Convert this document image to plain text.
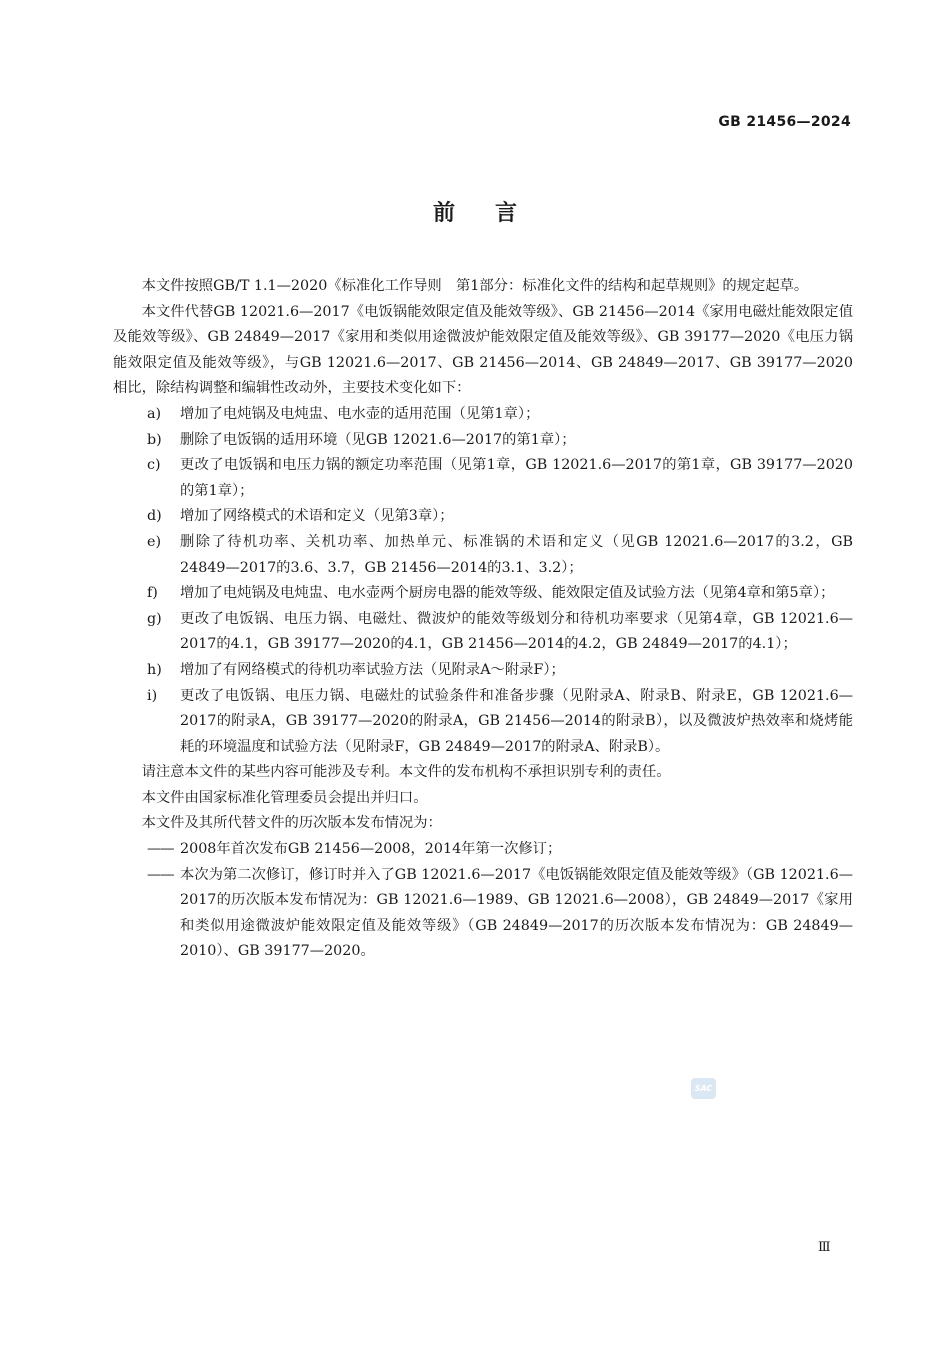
GB 21456—2024
前言

本文件按照GB/T 1.1—2020《标准化工作导则　第1部分：标准化文件的结构和起草规则》的规定起草。

本文件代替GB 12021.6—2017《电饭锅能效限定值及能效等级》、GB 21456—2014《家用电磁灶能效限定值及能效等级》、GB 24849—2017《家用和类似用途微波炉能效限定值及能效等级》、GB 39177—2020《电压力锅能效限定值及能效等级》，与GB 12021.6—2017、GB 21456—2014、GB 24849—2017、GB 39177—2020相比，除结构调整和编辑性改动外，主要技术变化如下：

a) 增加了电炖锅及电炖盅、电水壶的适用范围（见第1章）；
b) 删除了电饭锅的适用环境（见GB 12021.6—2017的第1章）；
c) 更改了电饭锅和电压力锅的额定功率范围（见第1章，GB 12021.6—2017的第1章，GB 39177—2020的第1章）；
d) 增加了网络模式的术语和定义（见第3章）；
e) 删除了待机功率、关机功率、加热单元、标准锅的术语和定义（见GB 12021.6—2017的3.2，GB 24849—2017的3.6、3.7，GB 21456—2014的3.1、3.2）；
f) 增加了电炖锅及电炖盅、电水壶两个厨房电器的能效等级、能效限定值及试验方法（见第4章和第5章）；
g) 更改了电饭锅、电压力锅、电磁灶、微波炉的能效等级划分和待机功率要求（见第4章，GB 12021.6—2017的4.1，GB 39177—2020的4.1，GB 21456—2014的4.2，GB 24849—2017的4.1）；
h) 增加了有网络模式的待机功率试验方法（见附录A～附录F）；
i) 更改了电饭锅、电压力锅、电磁灶的试验条件和准备步骤（见附录A、附录B、附录E，GB 12021.6—2017的附录A，GB 39177—2020的附录A，GB 21456—2014的附录B），以及微波炉热效率和烧烤能耗的环境温度和试验方法（见附录F，GB 24849—2017的附录A、附录B）。

请注意本文件的某些内容可能涉及专利。本文件的发布机构不承担识别专利的责任。

本文件由国家标准化管理委员会提出并归口。

本文件及其所代替文件的历次版本发布情况为：

—— 2008年首次发布GB 21456—2008，2014年第一次修订；
—— 本次为第二次修订，修订时并入了GB 12021.6—2017《电饭锅能效限定值及能效等级》（GB 12021.6—2017的历次版本发布情况为：GB 12021.6—1989、GB 12021.6—2008），GB 24849—2017《家用和类似用途微波炉能效限定值及能效等级》（GB 24849—2017的历次版本发布情况为：GB 24849—2010）、GB 39177—2020。
SAC
Ⅲ
